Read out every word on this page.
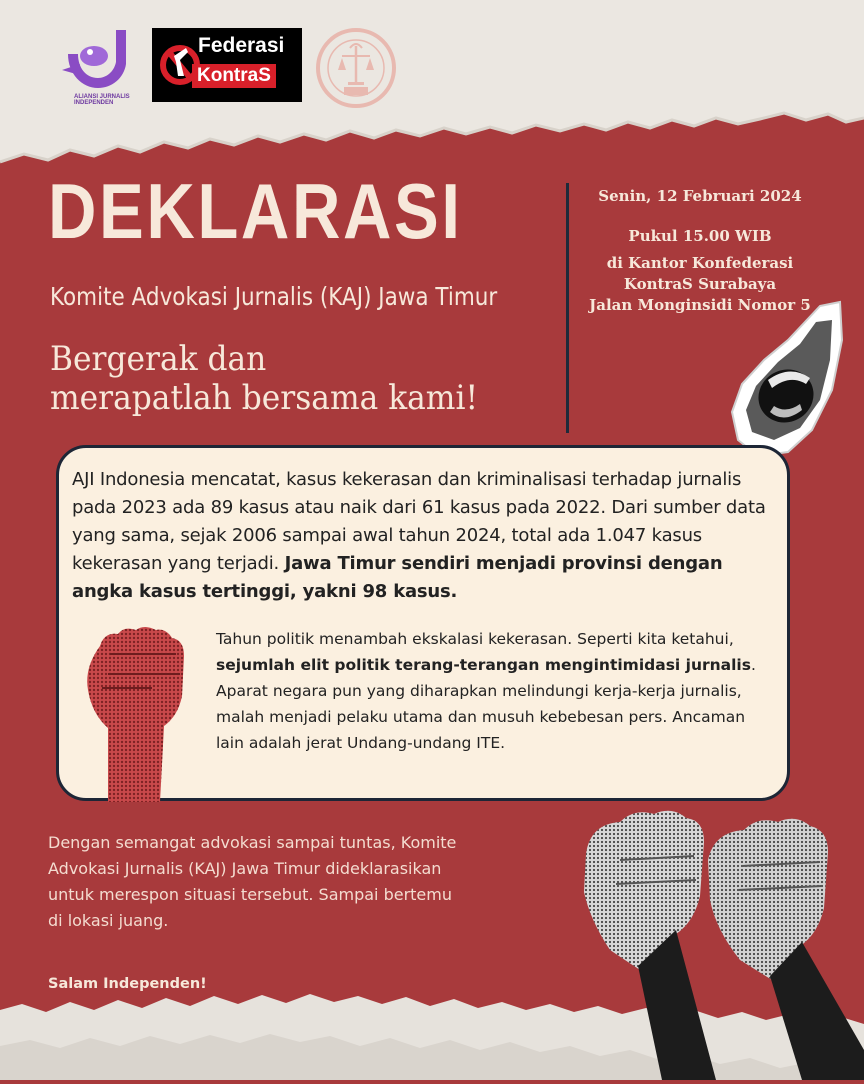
ALIANSI JURNALIS INDEPENDEN
Federasi
KontraS
DEKLARASI
Komite Advokasi Jurnalis (KAJ) Jawa Timur
Bergerak dan
merapatlah bersama kami!
Senin, 12 Februari 2024
Pukul 15.00 WIB
di Kantor Konfederasi
KontraS Surabaya
Jalan Monginsidi Nomor 5
AJI Indonesia mencatat, kasus kekerasan dan kriminalisasi terhadap jurnalis pada 2023 ada 89 kasus atau naik dari 61 kasus pada 2022. Dari sumber data yang sama, sejak 2006 sampai awal tahun 2024, total ada 1.047 kasus kekerasan yang terjadi. Jawa Timur sendiri menjadi provinsi dengan angka kasus tertinggi, yakni 98 kasus.
Tahun politik menambah ekskalasi kekerasan. Seperti kita ketahui, sejumlah elit politik terang-terangan mengintimidasi jurnalis. Aparat negara pun yang diharapkan melindungi kerja-kerja jurnalis, malah menjadi pelaku utama dan musuh kebebesan pers. Ancaman lain adalah jerat Undang-undang ITE.
Dengan semangat advokasi sampai tuntas, Komite Advokasi Jurnalis (KAJ) Jawa Timur dideklarasikan untuk merespon situasi tersebut. Sampai bertemu di lokasi juang.
Salam Independen!
